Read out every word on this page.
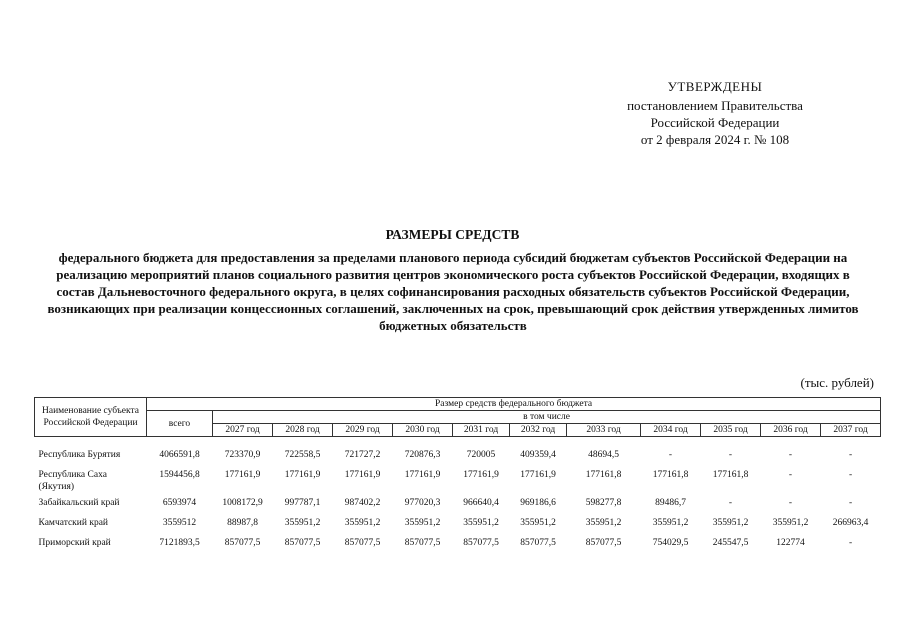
УТВЕРЖДЕНЫ
постановлением Правительства
Российской Федерации
от 2 февраля 2024 г. № 108
РАЗМЕРЫ СРЕДСТВ
федерального бюджета для предоставления за пределами планового периода субсидий бюджетам субъектов Российской Федерации на реализацию мероприятий планов социального развития центров экономического роста субъектов Российской Федерации, входящих в состав Дальневосточного федерального округа, в целях софинансирования расходных обязательств субъектов Российской Федерации, возникающих при реализации концессионных соглашений, заключенных на срок, превышающий срок действия утвержденных лимитов бюджетных обязательств
(тыс. рублей)
Наименование субъекта Российской Федерации	Размер средств федерального бюджета											
	всего	в том числе										
		2027 год	2028 год	2029 год	2030 год	2031 год	2032 год	2033 год	2034 год	2035 год	2036 год	2037 год

Республика Бурятия	4066591,8	723370,9	722558,5	721727,2	720876,3	720005	409359,4	48694,5	-	-	-	-
Республика Саха (Якутия)	1594456,8	177161,9	177161,9	177161,9	177161,9	177161,9	177161,9	177161,8	177161,8	177161,8	-	-
Забайкальский край	6593974	1008172,9	997787,1	987402,2	977020,3	966640,4	969186,6	598277,8	89486,7	-	-	-
Камчатский край	3559512	88987,8	355951,2	355951,2	355951,2	355951,2	355951,2	355951,2	355951,2	355951,2	355951,2	266963,4
Приморский край	7121893,5	857077,5	857077,5	857077,5	857077,5	857077,5	857077,5	857077,5	754029,5	245547,5	122774	-
